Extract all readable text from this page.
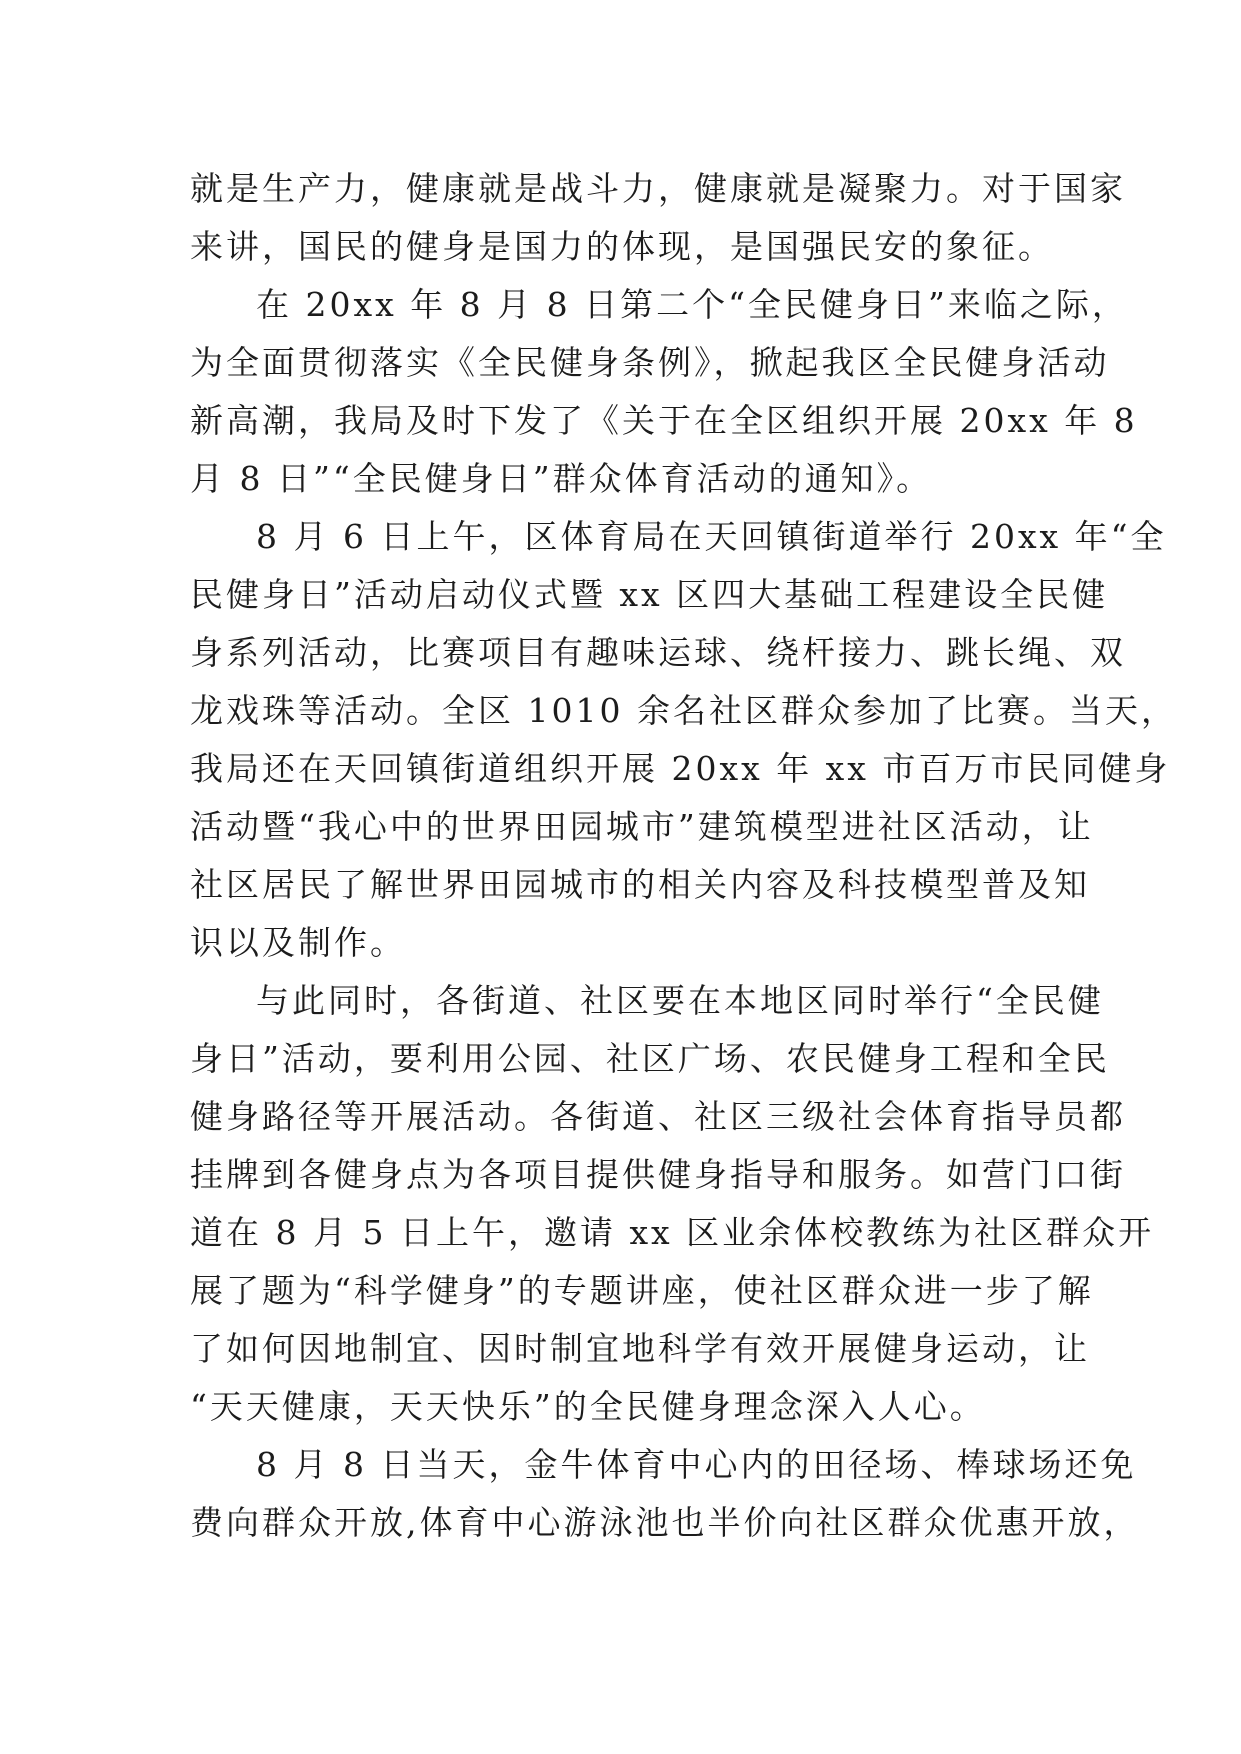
就是生产力，健康就是战斗力，健康就是凝聚力。对于国家
来讲，国民的健身是国力的体现，是国强民安的象征。
在 20xx 年 8 月 8 日第二个“全民健身日”来临之际，
为全面贯彻落实《全民健身条例》，掀起我区全民健身活动
新高潮，我局及时下发了《关于在全区组织开展 20xx 年 8
月 8 日”“全民健身日”群众体育活动的通知》。
8 月 6 日上午，区体育局在天回镇街道举行 20xx 年“全
民健身日”活动启动仪式暨 xx 区四大基础工程建设全民健
身系列活动，比赛项目有趣味运球、绕杆接力、跳长绳、双
龙戏珠等活动。全区 1010 余名社区群众参加了比赛。当天，
我局还在天回镇街道组织开展 20xx 年 xx 市百万市民同健身
活动暨“我心中的世界田园城市”建筑模型进社区活动，让
社区居民了解世界田园城市的相关内容及科技模型普及知
识以及制作。
与此同时，各街道、社区要在本地区同时举行“全民健
身日”活动，要利用公园、社区广场、农民健身工程和全民
健身路径等开展活动。各街道、社区三级社会体育指导员都
挂牌到各健身点为各项目提供健身指导和服务。如营门口街
道在 8 月 5 日上午，邀请 xx 区业余体校教练为社区群众开
展了题为“科学健身”的专题讲座，使社区群众进一步了解
了如何因地制宜、因时制宜地科学有效开展健身运动，让
“天天健康，天天快乐”的全民健身理念深入人心。
8 月 8 日当天，金牛体育中心内的田径场、棒球场还免
费向群众开放,体育中心游泳池也半价向社区群众优惠开放，
